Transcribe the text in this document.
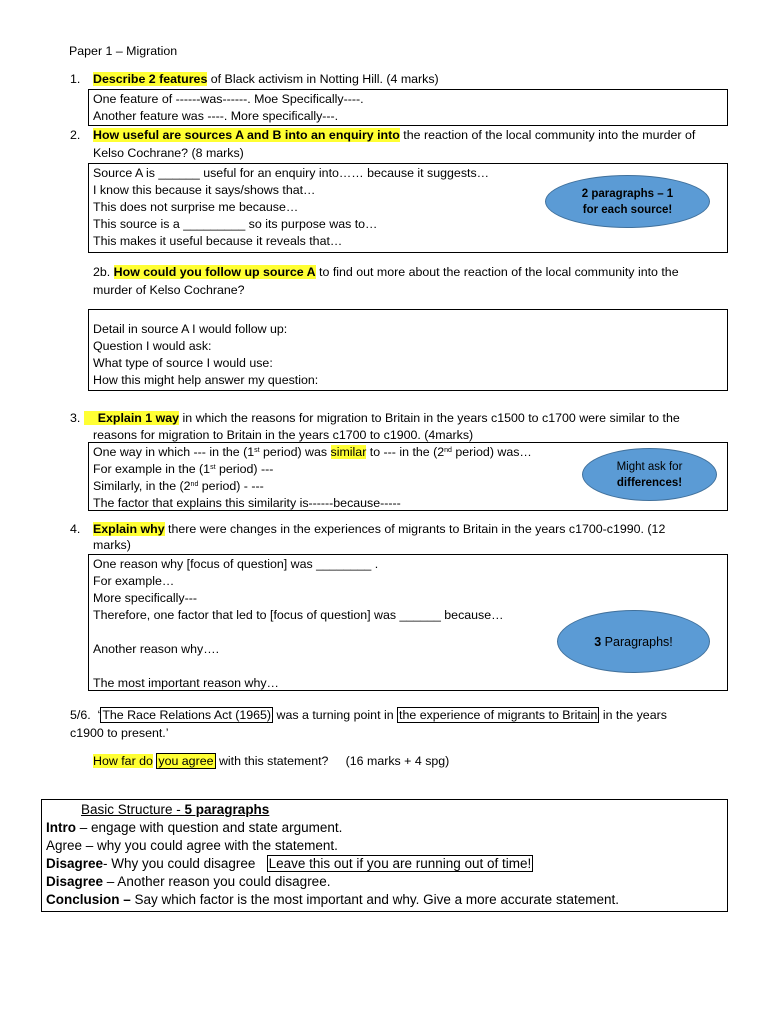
Paper 1 – Migration
1. Describe 2 features of Black activism in Notting Hill. (4 marks)
One feature of ------was------. Moe Specifically----.
Another feature was ----. More specifically---.
2. How useful are sources A and B into an enquiry into the reaction of the local community into the murder of
Kelso Cochrane? (8 marks)
Source A is ______ useful for an enquiry into…… because it suggests…
I know this because it says/shows that…
This does not surprise me because…
This source is a _________ so its purpose was to…
This makes it useful because it reveals that…
2 paragraphs – 1
for each source!
2b. How could you follow up source A to find out more about the reaction of the local community into the
murder of Kelso Cochrane?
Detail in source A I would follow up:
Question I would ask:
What type of source I would use:
How this might help answer my question:
3. Explain 1 way in which the reasons for migration to Britain in the years c1500 to c1700 were similar to the
reasons for migration to Britain in the years c1700 to c1900. (4marks)
One way in which --- in the (1st period) was similar to --- in the (2nd period) was…
For example in the (1st period) ---
Similarly, in the (2nd period) - ---
The factor that explains this similarity is------because-----
Might ask for
differences!
4. Explain why there were changes in the experiences of migrants to Britain in the years c1700-c1990. (12
marks)
One reason why [focus of question] was ________ .
For example…
More specifically---
Therefore, one factor that led to [focus of question] was ______ because…
Another reason why….
The most important reason why…
3 Paragraphs!
5/6.  ‘ The Race Relations Act (1965) was a turning point in the experience of migrants to Britain in the years
c1900 to present.’
How far do you agree with this statement?     (16 marks + 4 spg)
Basic Structure - 5 paragraphs
Intro – engage with question and state argument.
Agree – why you could agree with the statement.
Disagree- Why you could disagree   Leave this out if you are running out of time!
Disagree – Another reason you could disagree.
Conclusion – Say which factor is the most important and why. Give a more accurate statement.
